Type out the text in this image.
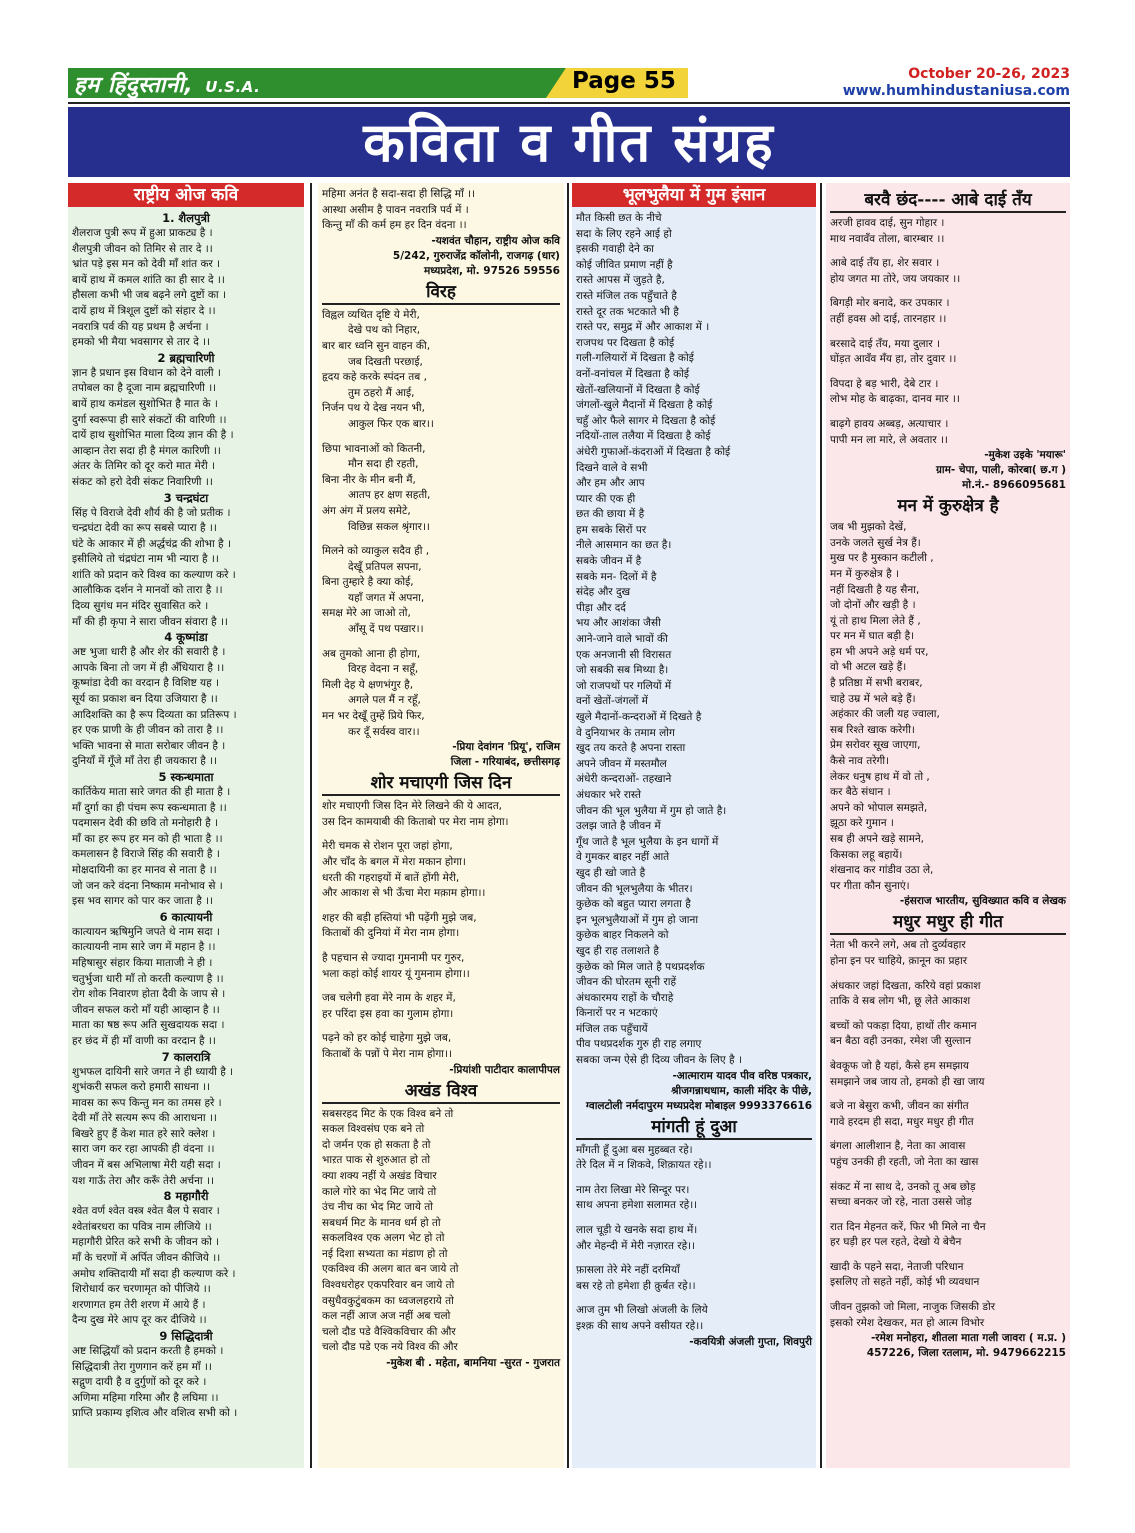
हम हिंदुस्तानी, U.S.A.	Page 55	October 20-26, 2023
www.humhindustaniusa.com
कविता व गीत संग्रह
राष्ट्रीय ओज कवि
1. शैलपुत्री
शैलराज पुत्री रूप में हुआ प्राकट्य है ।
शैलपुत्री जीवन को तिमिर से तार दे ।।
भ्रांत पड़े इस मन को देवी माँ शांत कर ।
बायें हाथ में कमल शांति का ही सार दे ।।
हौसला कभी भी जब बढ़ने लगे दुष्टों का ।
दायें हाथ में त्रिशूल दुष्टों को संहार दे ।।
नवरात्रि पर्व की यह प्रथम है अर्चना ।
हमको भी मैया भवसागर से तार दे ।।
2 ब्रह्मचारिणी
ज्ञान है प्रधान इस विधान को देने वाली ।
तपोबल का है दूजा नाम ब्रह्मचारिणी ।।
बायें हाथ कमंडल सुशोभित है मात के ।
दुर्गा स्वरूपा ही सारे संकटों की वारिणी ।।
दायें हाथ सुशोभित माला दिव्य ज्ञान की है ।
आव्हान तेरा सदा ही है मंगल कारिणी ।।
अंतर के तिमिर को दूर करो मात मेरी ।
संकट को हरो देवी संकट निवारिणी ।।
3 चन्द्रघंटा
सिंह पे विराजे देवी शौर्य की है जो प्रतीक ।
चन्द्रघंटा देवी का रूप सबसे प्यारा है ।।
घंटे के आकार में ही अर्द्धचंद्र की शोभा है ।
इसीलिये तो चंद्रघंटा नाम भी न्यारा है ।।
शांति को प्रदान करे विश्व का कल्याण करे ।
आलौकिक दर्शन ने मानवों को तारा है ।।
दिव्य सुगंध मन मंदिर सुवासित करे ।
माँ की ही कृपा ने सारा जीवन संवारा है ।।
4 कूष्मांडा
अष्ट भुजा धारी है और शेर की सवारी है ।
आपके बिना तो जग में ही अँधियारा है ।।
कूष्मांडा देवी का वरदान है विशिष्ट यह ।
सूर्य का प्रकाश बन दिया उजियारा है ।।
आदिशक्ति का है रूप दिव्यता का प्रतिरूप ।
हर एक प्राणी के ही जीवन को तारा है ।।
भक्ति भावना से माता सरोबार जीवन है ।
दुनियाँ में गूँजे माँ तेरा ही जयकारा है ।।
5 स्कन्धमाता
कार्तिकेय माता सारे जगत की ही माता है ।
माँ दुर्गा का ही पंचम रूप स्कन्धमाता है ।।
पदमासन देवी की छवि तो मनोहारी है ।
माँ का हर रूप हर मन को ही भाता है ।।
कमलासन है विराजे सिंह की सवारी है ।
मोक्षदायिनी का हर मानव से नाता है ।।
जो जन करे वंदना निष्काम मनोभाव से ।
इस भव सागर को पार कर जाता है ।।
6 कात्यायनी
कात्यायन ऋषिमुनि जपते थे नाम सदा ।
कात्यायनी नाम सारे जग में महान है ।।
महिषासुर संहार किया माताजी ने ही ।
चतुर्भुजा धारी माँ तो करती कल्याण है ।।
रोग शोक निवारण होता दैवी के जाप से ।
जीवन सफल करो माँ यही आव्हान है ।।
माता का षष्ठ रूप अति सुखदायक सदा ।
हर छंद में ही माँ वाणी का वरदान है ।।
7 कालरात्रि
शुभफल दायिनी सारे जगत ने ही ध्यायी है ।
शुभंकरी सफल करो हमारी साधना ।।
मावस का रूप किन्तु मन का तमस हरे ।
देवी माँ तेरे सत्यम रूप की आराधना ।।
बिखरे हुए हैं केश मात हरे सारे क्लेश ।
सारा जग कर रहा आपकी ही वंदना ।।
जीवन में बस अभिलाषा मेरी यही सदा ।
यश गाऊँ तेरा और करूँ तेरी अर्चना ।।
8 महागौरी
श्वेत वर्ण श्वेत वस्त्र श्वेत बैल पे सवार ।
श्वेतांबरधरा का पवित्र नाम लीजिये ।।
महागौरी प्रेरित करे सभी के जीवन को ।
माँ के चरणों में अर्पित जीवन कीजिये ।।
अमोघ शक्तिदायी माँ सदा ही कल्याण करे ।
शिरोधार्य कर चरणामृत को पीजिये ।।
शरणागत हम तेरी शरण में आये हैं ।
दैन्य दुख मेरे आप दूर कर दीजिये ।।
9 सिद्धिदात्री
अष्ट सिद्धियाँ को प्रदान करती है हमको ।
सिद्धिदात्री तेरा गुणगान करें हम माँ ।।
सद्गुण दायी है व दुर्गुणों को दूर करे ।
अणिमा महिमा गरिमा और है लघिमा ।।
प्राप्ति प्रकाम्य इशित्व और वशित्व सभी को ।
महिमा अनंत है सदा-सदा ही सिद्धि माँ ।।
आस्था असीम है पावन नवरात्रि पर्व में ।
किन्तु माँ की कर्म हम हर दिन वंदना ।।
-यशवंत चौहान, राष्ट्रीय ओज कवि
5/242, गुरुराजेंद्र कॉलोनी, राजगढ़ (धार)
मध्यप्रदेश, मो. 97526 59556
विरह
विह्वल व्यथित दृष्टि ये मेरी,
देखे पथ को निहार,
बार बार ध्वनि सुन वाहन की,
जब दिखती परछाई,
हृदय कहे करके स्पंदन तब ,
तुम ठहरो मैं आई,
निर्जन पथ ये देख नयन भी,
आकुल फिर एक बार।।
छिपा भावनाओं को कितनी,
मौन सदा ही रहती,
बिना नीर के मीन बनी मैं,
आतप हर क्षण सहती,
अंग अंग में प्रलय समेटे,
विछिन्न सकल श्रृंगार।।
मिलने को व्याकुल सदैव ही ,
देखूँ प्रतिपल सपना,
बिना तुम्हारे है क्या कोई,
यहाँ जगत में अपना,
समक्ष मेरे आ जाओ तो,
आँसू दें पथ पखार।।
अब तुमको आना ही होगा,
विरह वेदना न सहूँ,
मिली देह ये क्षणभंगुर है,
अगले पल मैं न रहूँ,
मन भर देखूँ तुम्हें प्रिये फिर,
कर दूँ सर्वस्व वार।।
-प्रिया देवांगन 'प्रियू', राजिम
जिला - गरियाबंद, छत्तीसगढ़
शोर मचाएगी जिस दिन
शोर मचाएगी जिस दिन मेरे लिखने की ये आदत,
उस दिन कामयाबी की किताबो पर मेरा नाम होगा।
मेरी चमक से रोशन पूरा जहां होगा,
और चाँद के बगल में मेरा मकान होगा।
धरती की गहराइयों में बातें होंगी मेरी,
और आकाश से भी ऊँचा मेरा मक़ाम होगा।।
शहर की बड़ी हस्तियां भी पढ़ेंगी मुझे जब,
किताबों की दुनियां में मेरा नाम होगा।
है पहचान से ज्यादा गुमनामी पर गुरुर,
भला कहां कोई शायर यूं गुमनाम होगा।।
जब चलेगी हवा मेरे नाम के शहर में,
हर परिंदा इस हवा का गुलाम होगा।
पढ़ने को हर कोई चाहेगा मुझे जब,
किताबों के पन्नों पे मेरा नाम होगा।।
-प्रियांशी पाटीदार कालापीपल
अखंड विश्व
सबसरहद मिट के एक विश्व बने तो
सकल विश्वसंघ एक बने तो
दो जर्मन एक हो सकता है तो
भाऱत पाक से शुरुआत हो तो
क्या शक्य नहीं ये अखंड विचार
काले गोरे का भेद मिट जाये तो
उंच नीच का भेद मिट जाये तो
सबधर्म मिट के मानव धर्म हो तो
सकलविश्व एक अलग भेट हो तो
नई दिशा सभ्यता का मंडाण हो तो
एकविश्व की अलग बात बन जाये तो
विश्वधरोहर एकपरिवार बन जाये तो
वसुधैवकुटुंबकम का ध्वजलहराये तो
कल नहीं आज अज नहीं अब चलो
चलो दौड पडे वैश्विकविचार की और
चलो दौड पडे एक नये विश्व की और
-मुकेश बी . महेता, बामनिया -सुरत - गुजरात
भूलभुलैया में गुम इंसान
मौत किसी छत के नीचे
सदा के लिए रहने आई हो
इसकी गवाही देने का
कोई जीवित प्रमाण नहीं है
रास्ते आपस में जुड़ते है,
रास्ते मंजिल तक पहुँचाते है
रास्ते दूर तक भटकाते भी है
रास्ते पर, समुद्र में और आकाश में ।
राजपथ पर दिखता है कोई
गली-गलियारों में दिखता है कोई
वनों-वनांचल में दिखता है कोई
खेतों-खलियानों में दिखता है कोई
जंगलों-खुले मैदानों में दिखता है कोई
चहुँ ओर फैले सागर मे दिखता है कोई
नदियों-ताल तलैया में दिखता है कोई
अंधेरी गुफाओं-कंदराओं में दिखता है कोई
दिखने वाले वे सभी
और हम और आप
प्यार की एक ही
छत की छाया में है
हम सबके सिरों पर
नीले आसमान का छत है।
सबके जीवन में है
सबके मन- दिलों में है
संदेह और दुख
पीड़ा और दर्द
भय और आशंका जैसी
आने-जाने वाले भावों की
एक अनजानी सी विरासत
जो सबकी सब मिथ्या है।
जो राजपथों पर गलियों में
वनों खेतों-जंगलों में
खुले मैदानों-कन्दराओं में दिखते है
वे दुनियाभर के तमाम लोग
खुद तय करते है अपना रास्ता
अपने जीवन में मस्तमौल
अंधेरी कन्दराओं- तहखाने
अंधकार भरे रास्ते
जीवन की भूल भुलैया में गुम हो जाते है।
उलझ जाते है जीवन में
गूँथ जाते है भूल भुलैया के इन धागों में
वे गुमकर बाहर नहीं आते
खुद ही खो जाते है
जीवन की भूलभुलैया के भीतर।
कुछेक को बहुत प्यारा लगता है
इन भूलभुलैयाओं में गुम हो जाना
कुछेक बाहर निकलने को
खुद ही राह तलाशते है
कुछेक को मिल जाते है पथप्रदर्शक
जीवन की घोरतम सूनी राहें
अंधकारमय राहों के चौराहे
किनारों पर न भटकाएं
मंजिल तक पहुँचायें
पीव पथप्रदर्शक गुरु ही राह लगाए
सबका जन्म ऐसे ही दिव्य जीवन के लिए है ।
-आत्माराम यादव पीव वरिष्ठ पत्रकार,
श्रीजगन्नाथधाम, काली मंदिर के पीछे,
ग्वालटोली नर्मदापुरम मध्यप्रदेश मोबाइल 9993376616
मांगती हूं दुआ
माँगती हूँ दुआ बस मुहब्बत रहे।
तेरे दिल में न शिकवे, शिक़ायत रहे।।
नाम तेरा लिखा मेरे सिन्दूर पर।
साथ अपना हमेशा सलामत रहे।।
लाल चूड़ी ये खनके सदा हाथ में।
और मेहन्दी में मेरी नज़ारत रहे।।
फ़ासला तेरे मेरे नहीं दरमियाँ
बस रहे तो हमेशा ही क़ुर्बत रहे।।
आज तुम भी लिखो अंजली के लिये
इश्क़ की साथ अपने वसीयत रहे।।
-कवयित्री अंजली गुप्ता, शिवपुरी
बरवै छंद---- आबे दाई तँय
अरजी हावव दाई, सुन गोहार ।
माथ नवावँव तोला, बारम्बार ।।
आबे दाई तँय हा, शेर सवार ।
होय जगत मा तोरे, जय जयकार ।।
बिगड़ी मोर बनादे, कर उपकार ।
तहीं हवस ओ दाई, तारनहार ।।
बरसादे दाई तँय, मया दुलार ।
घोंड़त आवँव मँय हा, तोर दुवार ।।
विपदा हे बड़ भारी, देबे टार ।
लोभ मोह के बाढ़का, दानव मार ।।
बाढ़गे हावय अब्बड़, अत्याचार ।
पापी मन ला मारे, ले अवतार ।।
-मुकेश उइके 'मयारू'
ग्राम- चेपा, पाली, कोरबा( छ.ग )
मो.नं.- 8966095681
मन में कुरुक्षेत्र है
जब भी मुझको देखें,
उनके जलते सुर्ख नेत्र हैं।
मुख पर है मुस्कान कटीली ,
मन में कुरुक्षेत्र है ।
नहीं दिखती है यह सैना,
जो दोनों और खड़ी है ।
यूं तो हाथ मिला लेते हैं ,
पर मन में घात बड़ी है।
हम भी अपने अड़े धर्म पर,
वो भी अटल खड़े हैं।
है प्रतिष्ठा में सभी बराबर,
चाहे उम्र में भले बड़े हैं।
अहंकार की जली यह ज्वाला,
सब रिश्ते खाक करेगी।
प्रेम सरोवर सूख जाएगा,
कैसे नाव तरेगी।
लेकर धनुष हाथ में वो तो ,
कर बैठे संधान ।
अपने को भोपाल समझते,
झूठा करे गुमान ।
सब ही अपने खड़े सामने,
किसका लहू बहायें।
शंखनाद कर गांडीव उठा ले,
पर गीता कौन सुनाएं।
-हंसराज भारतीय, सुविख्यात कवि व लेखक
मधुर मधुर ही गीत
नेता भी करने लगे, अब तो दुर्व्यवहार
होना इन पर चाहिये, क़ानून का प्रहार
अंधकार जहां दिखता, करिये वहां प्रकाश
ताकि वे सब लोग भी, छू लेते आकाश
बच्चों को पकड़ा दिया, हाथों तीर कमान
बन बैठा वही उनका, रमेश जी सुल्तान
बेवकूफ जो है यहां, कैसे हम समझाय
समझाने जब जाय तो, हमको ही खा जाय
बजे ना बेसुरा कभी, जीवन का संगीत
गावे हरदम ही सदा, मधुर मधुर ही गीत
बंगला आलीशान है, नेता का आवास
पहुंच उनकी ही रहती, जो नेता का खास
संकट में ना साथ दे, उनको तू अब छोड़
सच्चा बनकर जो रहे, नाता उससे जोड़
रात दिन मेहनत करें, फिर भी मिले ना चैन
हर घड़ी हर पल रहते, देखो ये बेचैन
खादी के पहने सदा, नेताजी परिधान
इसलिए तो सहते नहीं, कोई भी व्यवधान
जीवन तुझको जो मिला, नाजुक जिसकी डोर
इसको रमेश देखकर, मत हो आत्म विभोर
-रमेश मनोहरा, शीतला माता गली जावरा ( म.प्र. )
457226, जिला रतलाम, मो. 9479662215
